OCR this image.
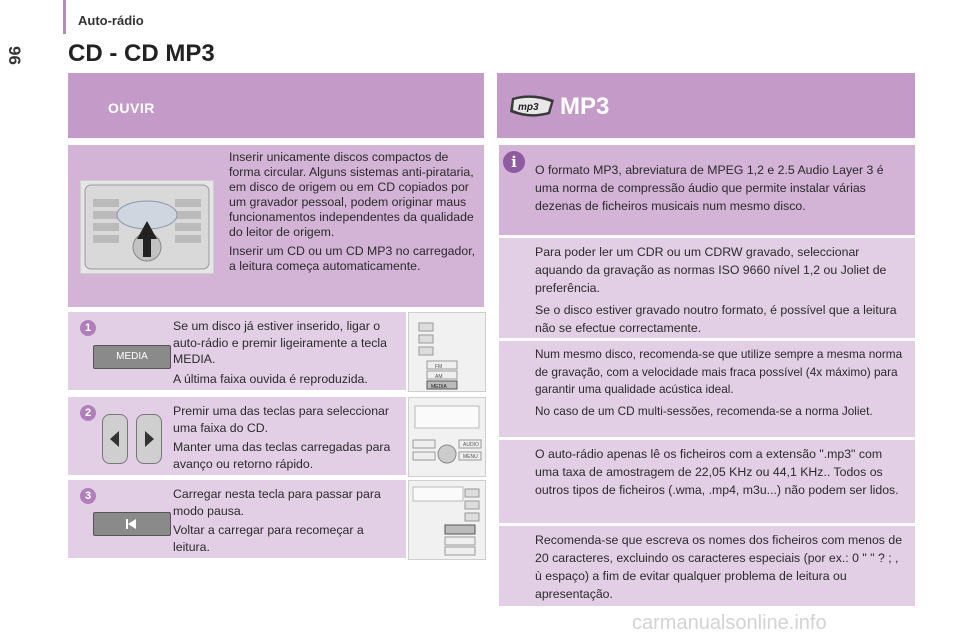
Auto-rádio
96 CD - CD MP3
OUVIR	mp3 MP3

Inserir unicamente discos compactos de forma circular. Alguns sistemas anti-pirataria, em disco de origem ou em CD copiados por um gravador pessoal, podem originar maus funcionamentos independentes da qualidade do leitor de origem.

Inserir um CD ou um CD MP3 no carregador, a leitura começa automaticamente.

1
MEDIA

Se um disco já estiver inserido, ligar o auto-rádio e premir ligeiramente a tecla MEDIA.

A última faixa ouvida é reproduzida.

FM
AM
MEDIA
2	Premir uma das teclas para seleccionar uma faixa do CD.

Manter uma das teclas carregadas para avanço ou retorno rápido.

AUDIO
MENU
3	Carregar nesta tecla para passar para modo pausa.

Voltar a carregar para recomeçar a leitura.

i	O formato MP3, abreviatura de MPEG 1,2 e 2.5 Audio Layer 3 é uma norma de compressão áudio que permite instalar várias dezenas de ficheiros musicais num mesmo disco.

Para poder ler um CDR ou um CDRW gravado, seleccionar aquando da gravação as normas ISO 9660 nível 1,2 ou Joliet de preferência.

Se o disco estiver gravado noutro formato, é possível que a leitura não se efectue correctamente.

Num mesmo disco, recomenda-se que utilize sempre a mesma norma de gravação, com a velocidade mais fraca possível (4x máximo) para garantir uma qualidade acústica ideal.

No caso de um CD multi-sessões, recomenda-se a norma Joliet.

O auto-rádio apenas lê os ficheiros com a extensão ".mp3" com uma taxa de amostragem de 22,05 KHz ou 44,1 KHz.. Todos os outros tipos de ficheiros (.wma, .mp4, m3u...) não podem ser lidos.

Recomenda-se que escreva os nomes dos ficheiros com menos de 20 caracteres, excluindo os caracteres especiais (por ex.: 0 " " ? ; , ù espaço) a fim de evitar qualquer problema de leitura ou apresentação.

carmanualsonline.info
